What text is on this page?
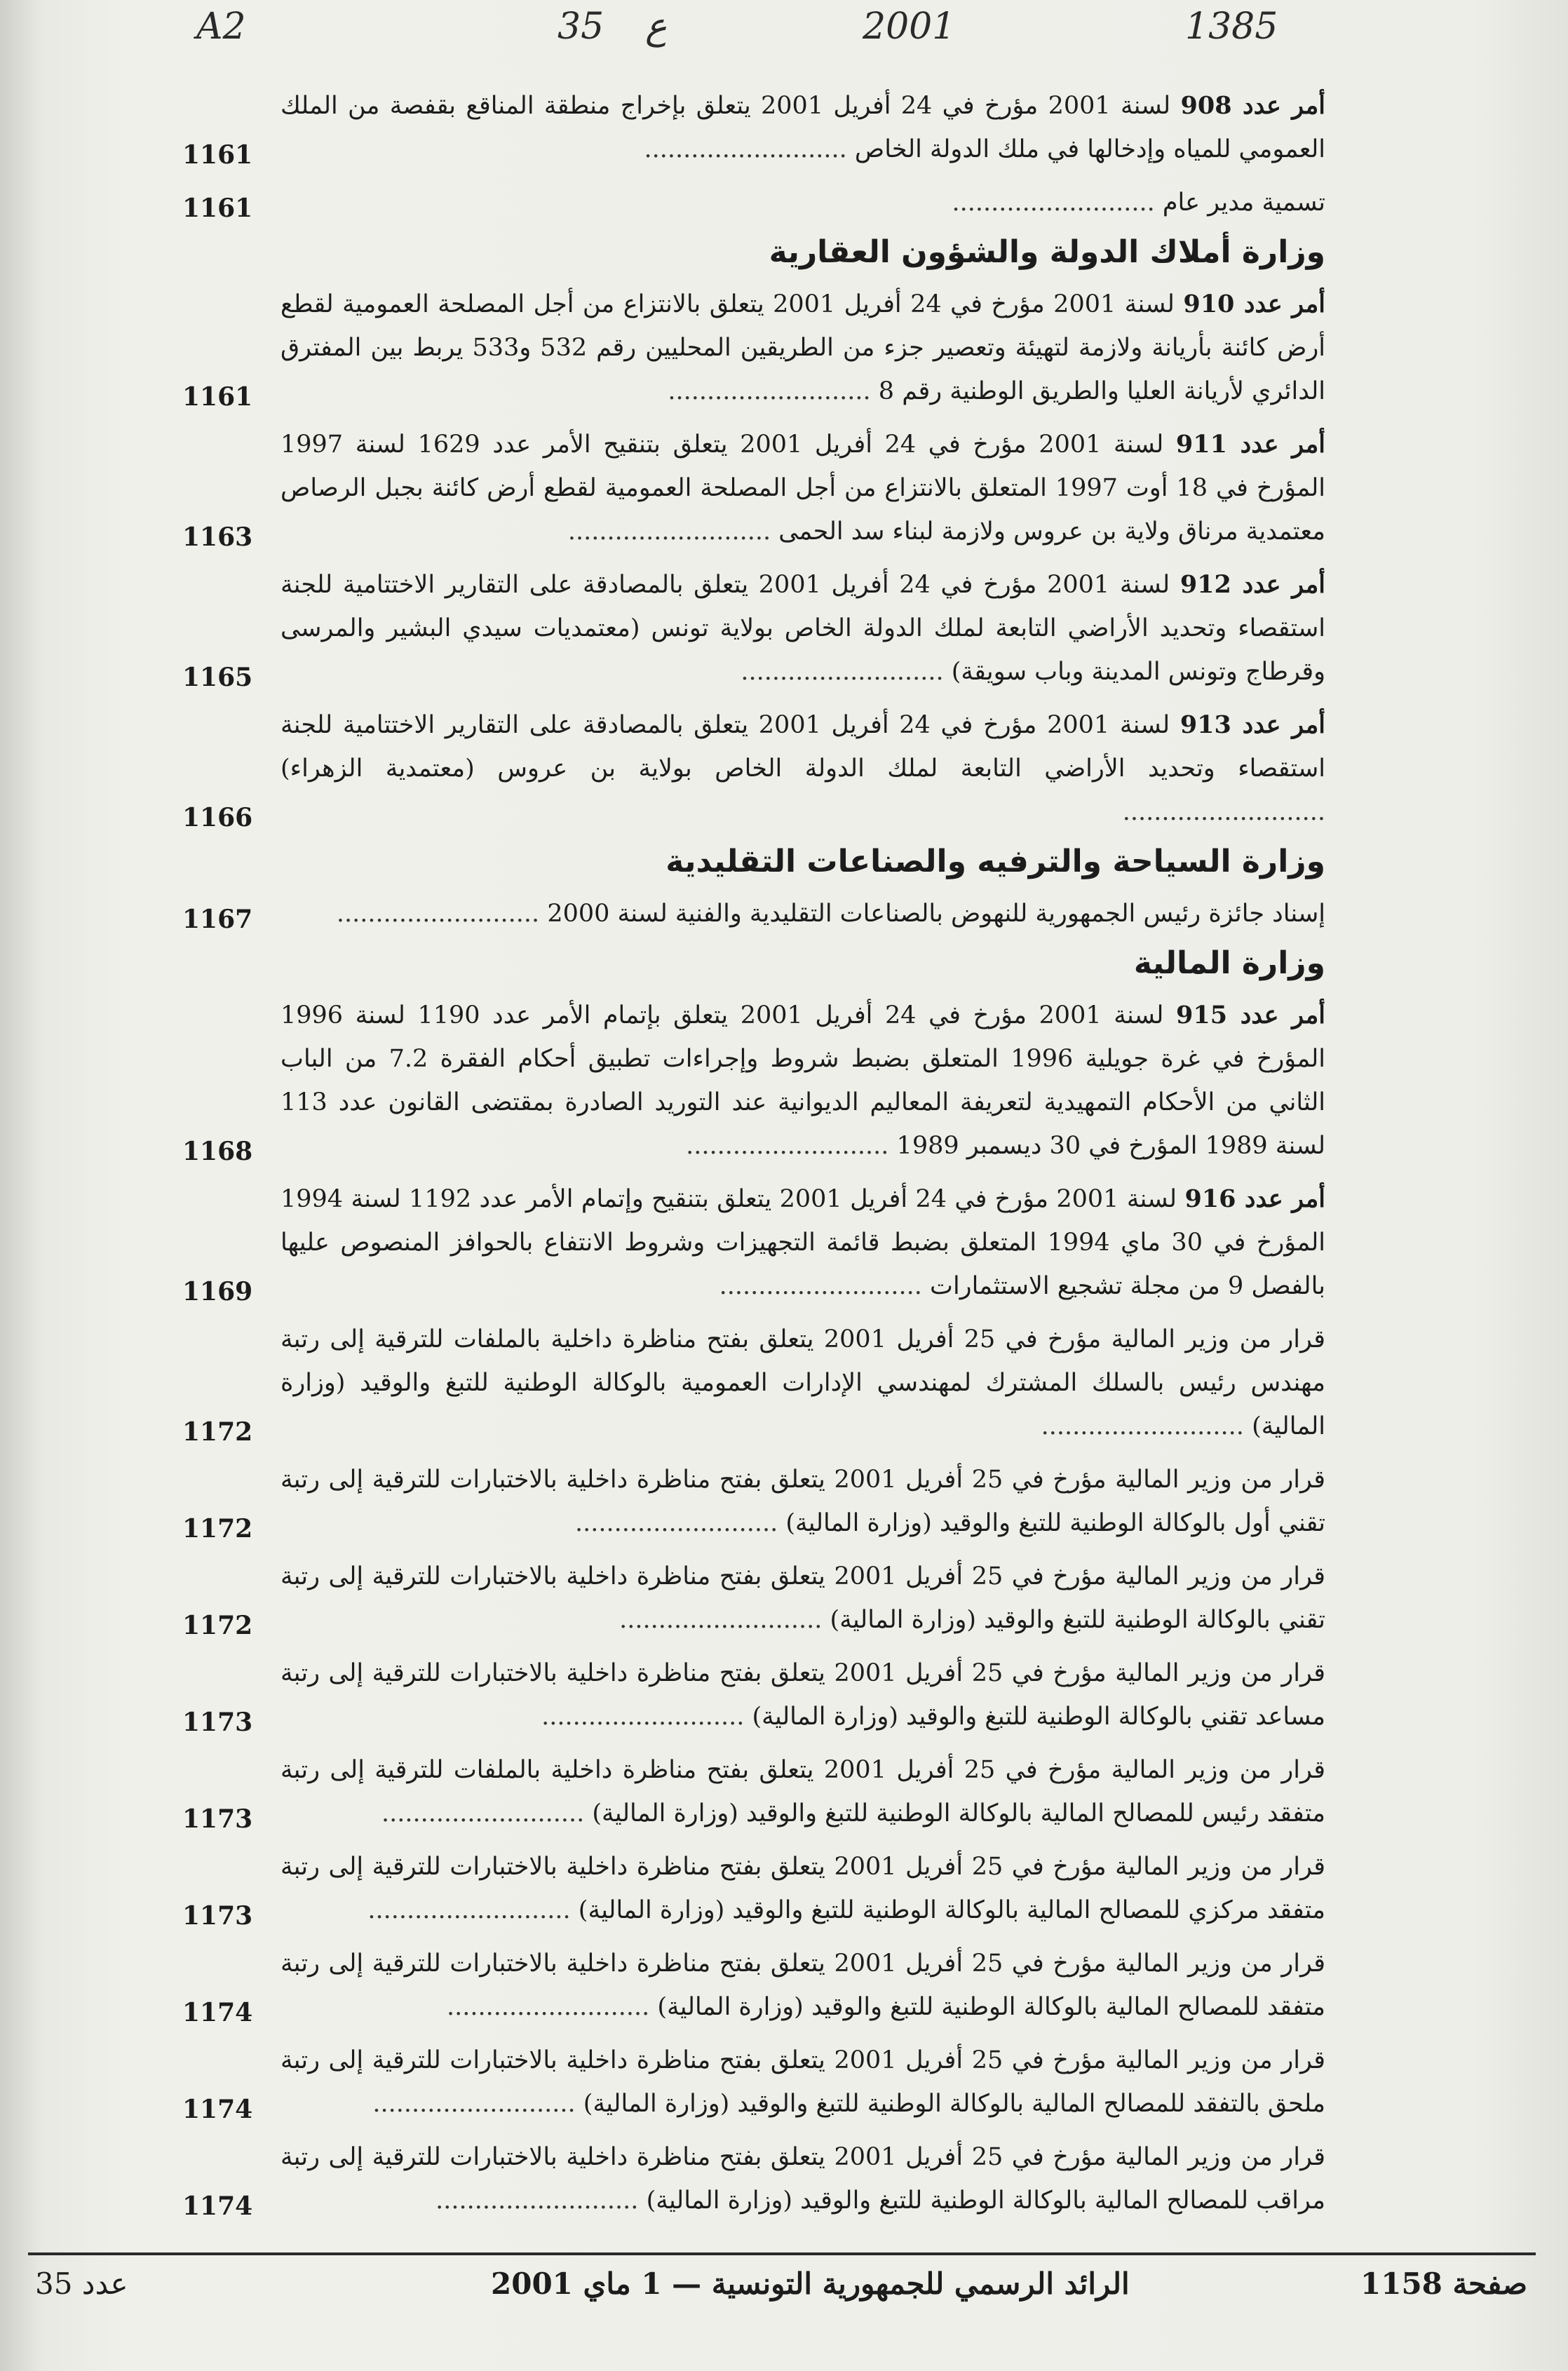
A2	35 ع	2001	1385
أمر عدد 908 لسنة 2001 مؤرخ في 24 أفريل 2001 يتعلق بإخراج منطقة المناقع بقفصة من الملك العمومي للمياه وإدخالها في ملك الدولة الخاص ..........................
1161
تسمية مدير عام ..........................
1161
وزارة أملاك الدولة والشؤون العقارية
أمر عدد 910 لسنة 2001 مؤرخ في 24 أفريل 2001 يتعلق بالانتزاع من أجل المصلحة العمومية لقطع أرض كائنة بأريانة ولازمة لتهيئة وتعصير جزء من الطريقين المحليين رقم 532 و533 يربط بين المفترق الدائري لأريانة العليا والطريق الوطنية رقم 8 ..........................
1161
أمر عدد 911 لسنة 2001 مؤرخ في 24 أفريل 2001 يتعلق بتنقيح الأمر عدد 1629 لسنة 1997 المؤرخ في 18 أوت 1997 المتعلق بالانتزاع من أجل المصلحة العمومية لقطع أرض كائنة بجبل الرصاص معتمدية مرناق ولاية بن عروس ولازمة لبناء سد الحمى ..........................
1163
أمر عدد 912 لسنة 2001 مؤرخ في 24 أفريل 2001 يتعلق بالمصادقة على التقارير الاختتامية للجنة استقصاء وتحديد الأراضي التابعة لملك الدولة الخاص بولاية تونس (معتمديات سيدي البشير والمرسى وقرطاج وتونس المدينة وباب سويقة) ..........................
1165
أمر عدد 913 لسنة 2001 مؤرخ في 24 أفريل 2001 يتعلق بالمصادقة على التقارير الاختتامية للجنة استقصاء وتحديد الأراضي التابعة لملك الدولة الخاص بولاية بن عروس (معتمدية الزهراء) ..........................
1166
وزارة السياحة والترفيه والصناعات التقليدية
إسناد جائزة رئيس الجمهورية للنهوض بالصناعات التقليدية والفنية لسنة 2000 ..........................
1167
وزارة المالية
أمر عدد 915 لسنة 2001 مؤرخ في 24 أفريل 2001 يتعلق بإتمام الأمر عدد 1190 لسنة 1996 المؤرخ في غرة جويلية 1996 المتعلق بضبط شروط وإجراءات تطبيق أحكام الفقرة 7.2 من الباب الثاني من الأحكام التمهيدية لتعريفة المعاليم الديوانية عند التوريد الصادرة بمقتضى القانون عدد 113 لسنة 1989 المؤرخ في 30 ديسمبر 1989 ..........................
1168
أمر عدد 916 لسنة 2001 مؤرخ في 24 أفريل 2001 يتعلق بتنقيح وإتمام الأمر عدد 1192 لسنة 1994 المؤرخ في 30 ماي 1994 المتعلق بضبط قائمة التجهيزات وشروط الانتفاع بالحوافز المنصوص عليها بالفصل 9 من مجلة تشجيع الاستثمارات ..........................
1169
قرار من وزير المالية مؤرخ في 25 أفريل 2001 يتعلق بفتح مناظرة داخلية بالملفات للترقية إلى رتبة مهندس رئيس بالسلك المشترك لمهندسي الإدارات العمومية بالوكالة الوطنية للتبغ والوقيد (وزارة المالية) ..........................
1172
قرار من وزير المالية مؤرخ في 25 أفريل 2001 يتعلق بفتح مناظرة داخلية بالاختبارات للترقية إلى رتبة تقني أول بالوكالة الوطنية للتبغ والوقيد (وزارة المالية) ..........................
1172
قرار من وزير المالية مؤرخ في 25 أفريل 2001 يتعلق بفتح مناظرة داخلية بالاختبارات للترقية إلى رتبة تقني بالوكالة الوطنية للتبغ والوقيد (وزارة المالية) ..........................
1172
قرار من وزير المالية مؤرخ في 25 أفريل 2001 يتعلق بفتح مناظرة داخلية بالاختبارات للترقية إلى رتبة مساعد تقني بالوكالة الوطنية للتبغ والوقيد (وزارة المالية) ..........................
1173
قرار من وزير المالية مؤرخ في 25 أفريل 2001 يتعلق بفتح مناظرة داخلية بالملفات للترقية إلى رتبة متفقد رئيس للمصالح المالية بالوكالة الوطنية للتبغ والوقيد (وزارة المالية) ..........................
1173
قرار من وزير المالية مؤرخ في 25 أفريل 2001 يتعلق بفتح مناظرة داخلية بالاختبارات للترقية إلى رتبة متفقد مركزي للمصالح المالية بالوكالة الوطنية للتبغ والوقيد (وزارة المالية) ..........................
1173
قرار من وزير المالية مؤرخ في 25 أفريل 2001 يتعلق بفتح مناظرة داخلية بالاختبارات للترقية إلى رتبة متفقد للمصالح المالية بالوكالة الوطنية للتبغ والوقيد (وزارة المالية) ..........................
1174
قرار من وزير المالية مؤرخ في 25 أفريل 2001 يتعلق بفتح مناظرة داخلية بالاختبارات للترقية إلى رتبة ملحق بالتفقد للمصالح المالية بالوكالة الوطنية للتبغ والوقيد (وزارة المالية) ..........................
1174
قرار من وزير المالية مؤرخ في 25 أفريل 2001 يتعلق بفتح مناظرة داخلية بالاختبارات للترقية إلى رتبة مراقب للمصالح المالية بالوكالة الوطنية للتبغ والوقيد (وزارة المالية) ..........................
1174
صفحة 1158
الرائد الرسمي للجمهورية التونسية — 1 ماي 2001
عدد 35
